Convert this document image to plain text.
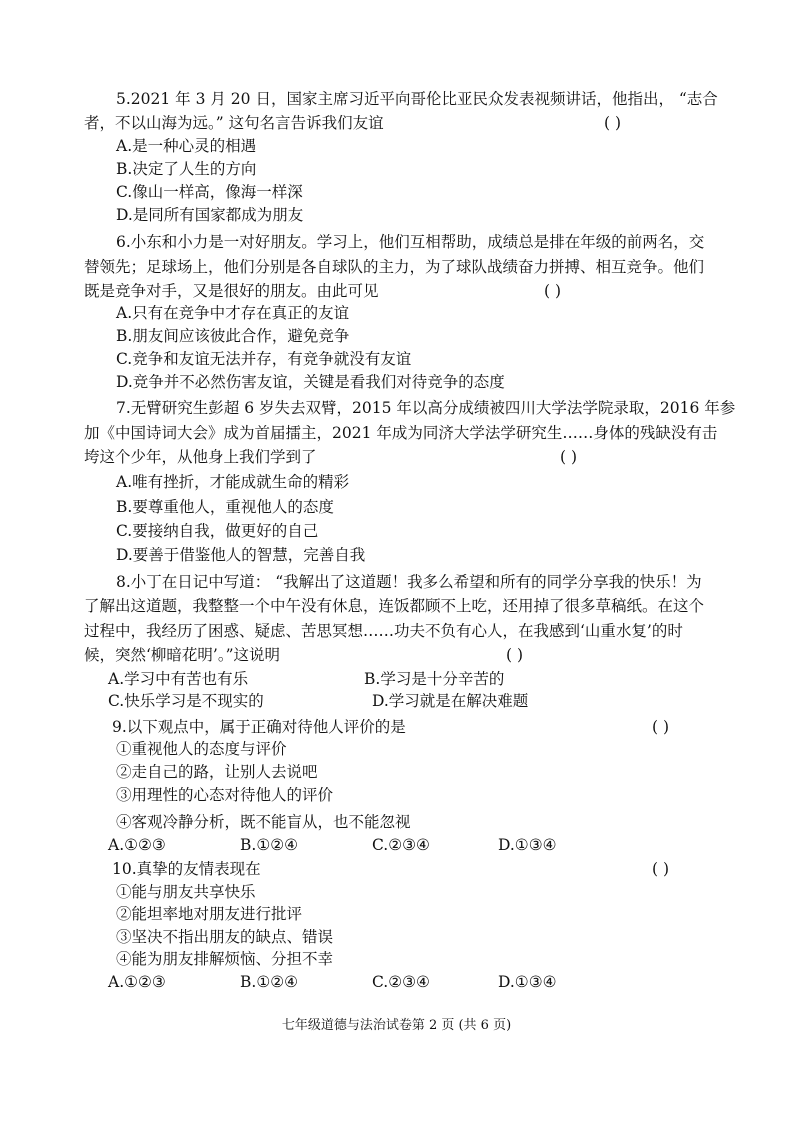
5.2021 年 3 月 20 日，国家主席习近平向哥伦比亚民众发表视频讲话，他指出， “志合
者，不以山海为远。” 这句名言告诉我们友谊	( )
A.是一种心灵的相遇
B.决定了人生的方向
C.像山一样高，像海一样深
D.是同所有国家都成为朋友
6.小东和小力是一对好朋友。学习上，他们互相帮助，成绩总是排在年级的前两名，交
替领先；足球场上，他们分别是各自球队的主力，为了球队战绩奋力拼搏、相互竞争。他们
既是竞争对手，又是很好的朋友。由此可见	( )
A.只有在竞争中才存在真正的友谊
B.朋友间应该彼此合作，避免竞争
C.竞争和友谊无法并存，有竞争就没有友谊
D.竞争并不必然伤害友谊，关键是看我们对待竞争的态度
7.无臂研究生彭超 6 岁失去双臂，2015 年以高分成绩被四川大学法学院录取，2016 年参
加《中国诗词大会》成为首届擂主，2021 年成为同济大学法学研究生……身体的残缺没有击
垮这个少年，从他身上我们学到了	( )
A.唯有挫折，才能成就生命的精彩
B.要尊重他人，重视他人的态度
C.要接纳自我，做更好的自己
D.要善于借鉴他人的智慧，完善自我
8.小丁在日记中写道： “我解出了这道题！我多么希望和所有的同学分享我的快乐！为
了解出这道题，我整整一个中午没有休息，连饭都顾不上吃，还用掉了很多草稿纸。在这个
过程中，我经历了困惑、疑虑、苦思冥想……功夫不负有心人，在我感到‘山重水复’的时
候，突然‘柳暗花明’。”这说明	( )
A.学习中有苦也有乐	B.学习是十分辛苦的
C.快乐学习是不现实的	D.学习就是在解决难题
9.以下观点中，属于正确对待他人评价的是	( )
①重视他人的态度与评价
②走自己的路，让别人去说吧
③用理性的心态对待他人的评价
④客观冷静分析，既不能盲从，也不能忽视
A.①②③	B.①②④	C.②③④	D.①③④
10.真挚的友情表现在	( )
①能与朋友共享快乐
②能坦率地对朋友进行批评
③坚决不指出朋友的缺点、错误
④能为朋友排解烦恼、分担不幸
A.①②③	B.①②④	C.②③④	D.①③④
七年级道德与法治试卷第 2 页 (共 6 页)
